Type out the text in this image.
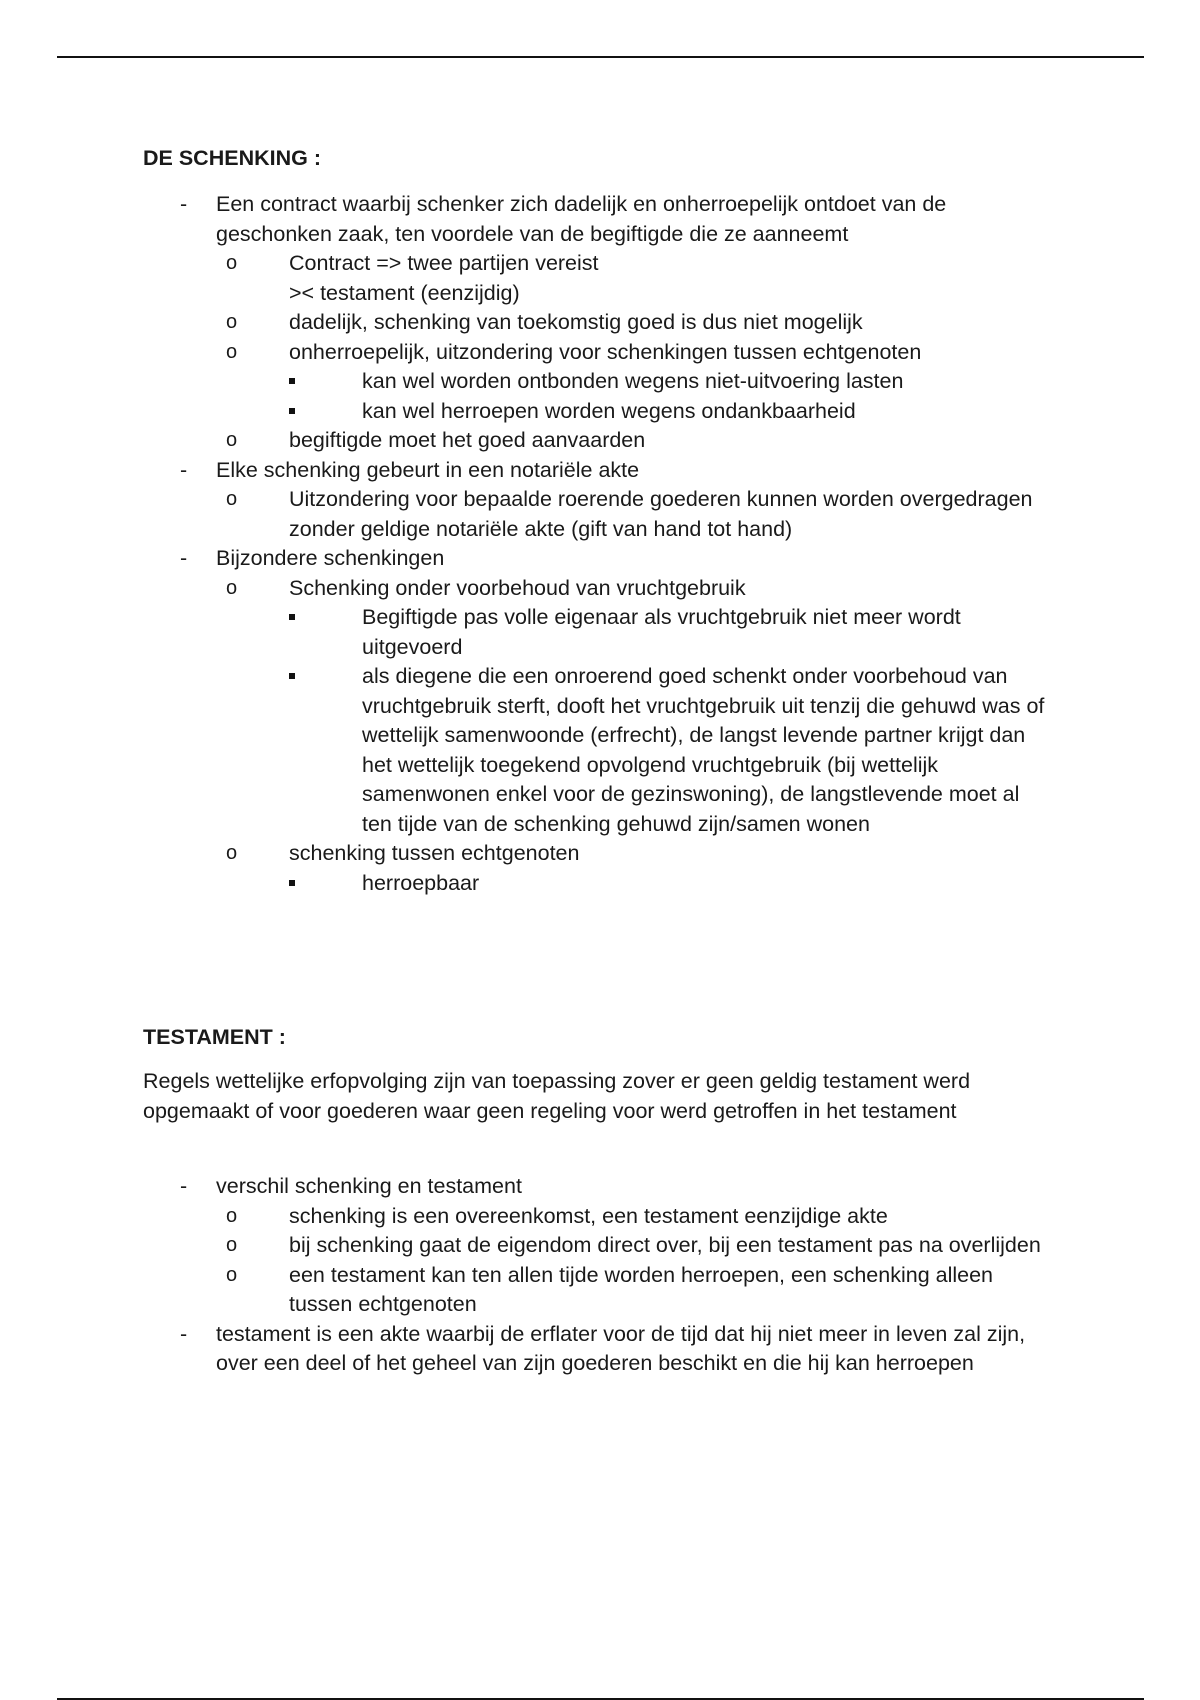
DE SCHENKING :
- Een contract waarbij schenker zich dadelijk en onherroepelijk ontdoet van de geschonken zaak, ten voordele van de begiftigde die ze aanneemt
o Contract => twee partijen vereist
>< testament (eenzijdig)
o dadelijk, schenking van toekomstig goed is dus niet mogelijk
o onherroepelijk, uitzondering voor schenkingen tussen echtgenoten
kan wel worden ontbonden wegens niet-uitvoering lasten
kan wel herroepen worden wegens ondankbaarheid
o begiftigde moet het goed aanvaarden
- Elke schenking gebeurt in een notariële akte
o Uitzondering voor bepaalde roerende goederen kunnen worden overgedragen zonder geldige notariële akte (gift van hand tot hand)
- Bijzondere schenkingen
o Schenking onder voorbehoud van vruchtgebruik
Begiftigde pas volle eigenaar als vruchtgebruik niet meer wordt uitgevoerd
als diegene die een onroerend goed schenkt onder voorbehoud van vruchtgebruik sterft, dooft het vruchtgebruik uit tenzij die gehuwd was of wettelijk samenwoonde (erfrecht), de langst levende partner krijgt dan het wettelijk toegekend opvolgend vruchtgebruik (bij wettelijk samenwonen enkel voor de gezinswoning), de langstlevende moet al ten tijde van de schenking gehuwd zijn/samen wonen
o schenking tussen echtgenoten
herroepbaar
TESTAMENT :
Regels wettelijke erfopvolging zijn van toepassing zover er geen geldig testament werd opgemaakt of voor goederen waar geen regeling voor werd getroffen in het testament
- verschil schenking en testament
o schenking is een overeenkomst, een testament eenzijdige akte
o bij schenking gaat de eigendom direct over, bij een testament pas na overlijden
o een testament kan ten allen tijde worden herroepen, een schenking alleen tussen echtgenoten
- testament is een akte waarbij de erflater voor de tijd dat hij niet meer in leven zal zijn, over een deel of het geheel van zijn goederen beschikt en die hij kan herroepen
